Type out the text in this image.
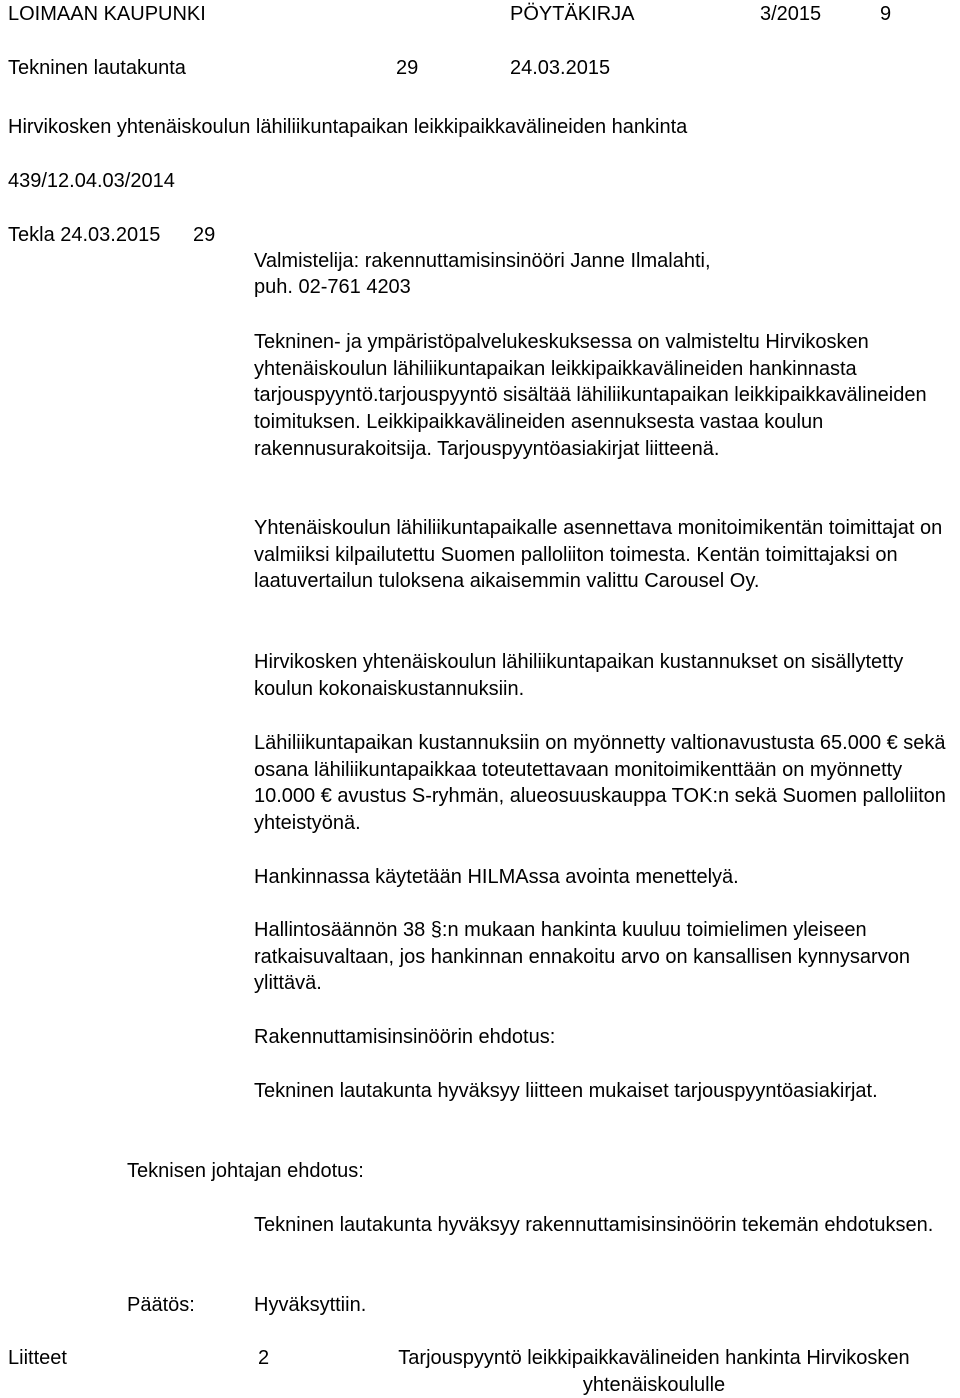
LOIMAAN KAUPUNKI	PÖYTÄKIRJA	3/2015	9
Tekninen lautakunta	29	24.03.2015
Hirvikosken yhtenäiskoulun lähiliikuntapaikan leikkipaikkavälineiden hankinta
439/12.04.03/2014
Tekla 24.03.2015 29
Valmistelija: rakennuttamisinsinööri Janne Ilmalahti,
puh. 02-761 4203

Tekninen- ja ympäristöpalvelukeskuksessa on valmisteltu Hirvikosken yhtenäiskoulun lähiliikuntapaikan leikkipaikkavälineiden hankinnasta tarjouspyyntö.tarjouspyyntö sisältää lähiliikuntapaikan leikkipaikkavälineiden toimituksen. Leikkipaikkavälineiden asennuksesta vastaa koulun rakennusurakoitsija. Tarjouspyyntöasiakirjat liitteenä.

Yhtenäiskoulun lähiliikuntapaikalle asennettava monitoimikentän toimittajat on valmiiksi kilpailutettu Suomen palloliiton toimesta. Kentän toimittajaksi on laatuvertailun tuloksena aikaisemmin valittu Carousel Oy.

Hirvikosken yhtenäiskoulun lähiliikuntapaikan kustannukset on sisällytetty koulun kokonaiskustannuksiin.

Lähiliikuntapaikan kustannuksiin on myönnetty valtionavustusta 65.000 € sekä osana lähiliikuntapaikkaa toteutettavaan monitoimikenttään on myönnetty 10.000 € avustus S-ryhmän, alueosuuskauppa TOK:n sekä Suomen palloliiton yhteistyönä.

Hankinnassa käytetään HILMAssa avointa menettelyä.

Hallintosäännön 38 §:n mukaan hankinta kuuluu toimielimen yleiseen ratkaisuvaltaan, jos hankinnan ennakoitu arvo on kansallisen kynnysarvon ylittävä.

Rakennuttamisinsinöörin ehdotus:

Tekninen lautakunta hyväksyy liitteen mukaiset tarjouspyyntöasiakirjat.

Teknisen johtajan ehdotus:

Tekninen lautakunta hyväksyy rakennuttamisinsinöörin tekemän ehdotuksen.

Päätös:	Hyväksyttiin.
Liitteet	2	Tarjouspyyntö leikkipaikkavälineiden hankinta Hirvikosken yhtenäiskoululle
